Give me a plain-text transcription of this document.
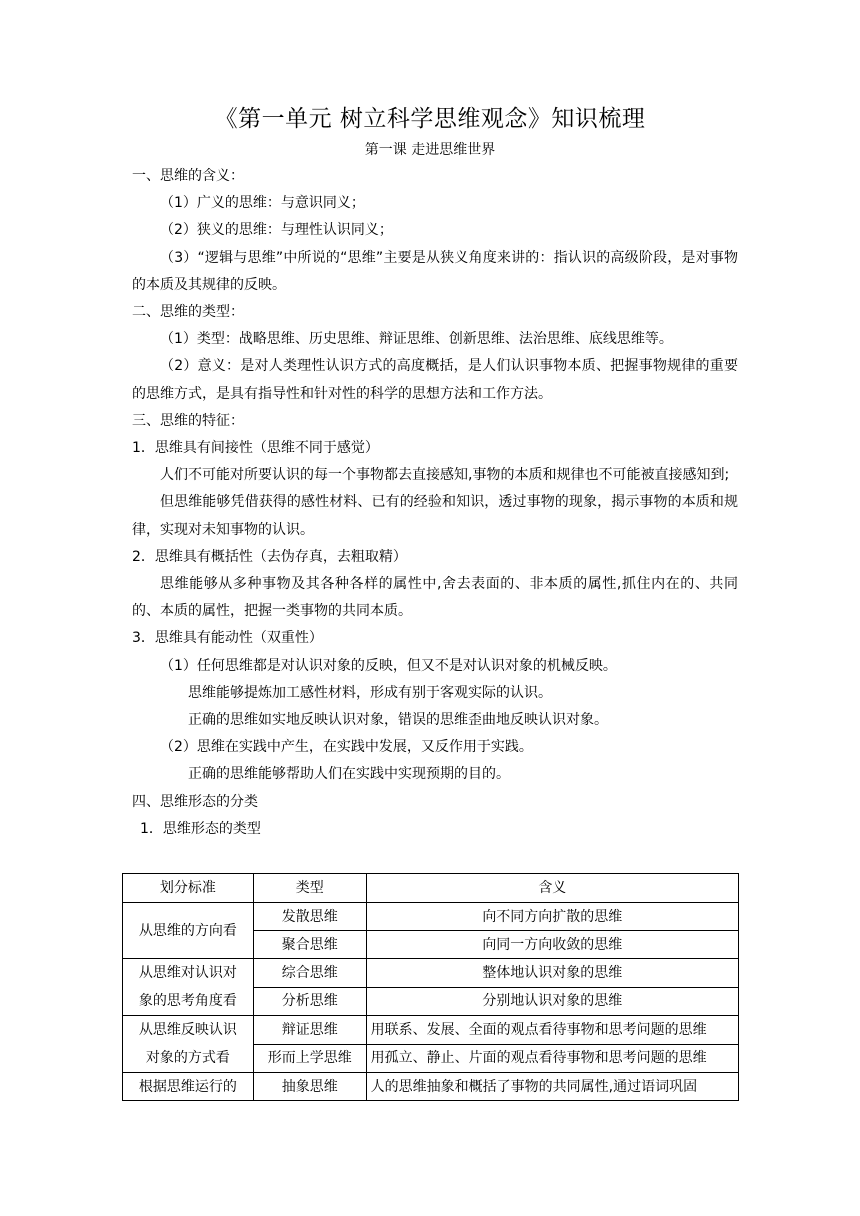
《第一单元 树立科学思维观念》知识梳理
第一课 走进思维世界

一、思维的含义：

（1）广义的思维：与意识同义；

（2）狭义的思维：与理性认识同义；

（3）“逻辑与思维”中所说的“思维”主要是从狭义角度来讲的：指认识的高级阶段，是对事物的本质及其规律的反映。

二、思维的类型：

（1）类型：战略思维、历史思维、辩证思维、创新思维、法治思维、底线思维等。

（2）意义：是对人类理性认识方式的高度概括，是人们认识事物本质、把握事物规律的重要的思维方式，是具有指导性和针对性的科学的思想方法和工作方法。

三、思维的特征：

1．思维具有间接性（思维不同于感觉）

人们不可能对所要认识的每一个事物都去直接感知,事物的本质和规律也不可能被直接感知到;

但思维能够凭借获得的感性材料、已有的经验和知识，透过事物的现象，揭示事物的本质和规律，实现对未知事物的认识。

2．思维具有概括性（去伪存真，去粗取精）

思维能够从多种事物及其各种各样的属性中,舍去表面的、非本质的属性,抓住内在的、共同的、本质的属性，把握一类事物的共同本质。

3．思维具有能动性（双重性）

（1）任何思维都是对认识对象的反映，但又不是对认识对象的机械反映。

思维能够提炼加工感性材料，形成有别于客观实际的认识。

正确的思维如实地反映认识对象，错误的思维歪曲地反映认识对象。

（2）思维在实践中产生，在实践中发展，又反作用于实践。

正确的思维能够帮助人们在实践中实现预期的目的。

四、思维形态的分类

1．思维形态的类型

划分标准	类型	含义
从思维的方向看	发散思维	向不同方向扩散的思维
	聚合思维	向同一方向收敛的思维
从思维对认识对
象的思考角度看	综合思维	整体地认识对象的思维
	分析思维	分别地认识对象的思维
从思维反映认识
对象的方式看	辩证思维	用联系、发展、全面的观点看待事物和思考问题的思维
	形而上学思维	用孤立、静止、片面的观点看待事物和思考问题的思维
根据思维运行的	抽象思维	人的思维抽象和概括了事物的共同属性,通过语词巩固
